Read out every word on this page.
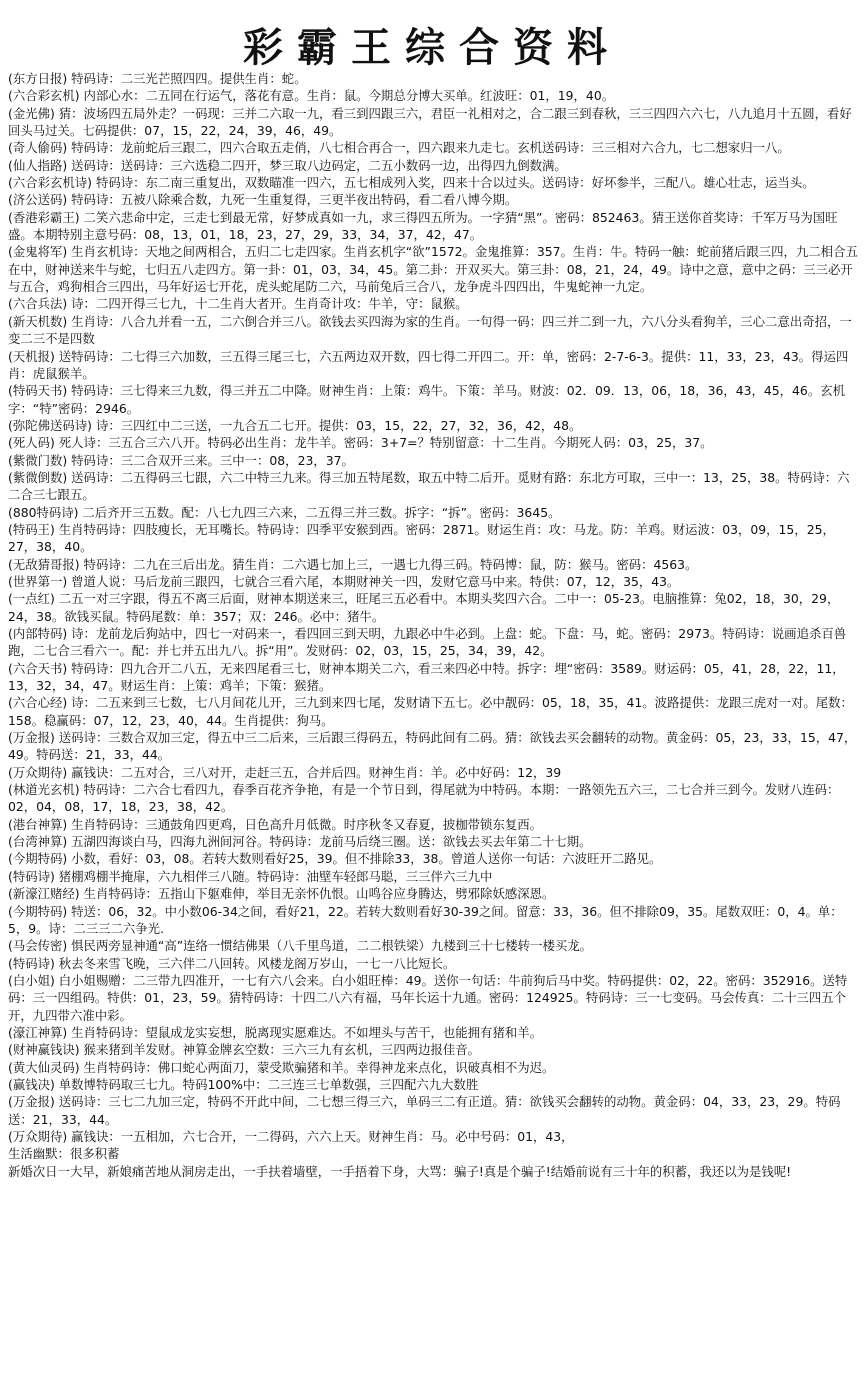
彩霸王综合资料

(东方日报) 特码诗：二三光芒照四四。提供生肖：蛇。

(六合彩玄机) 内部心水：二五同在行运气，落花有意。生肖：鼠。今期总分博大买单。红波旺：01，19，40。

(金光佛) 猜：波场四五局外走？一码现：三并二六取一九，看三到四跟三六，君臣一礼相对之，合二跟三到春秋，三三四四六六七，八九追月十五圆，看好回头马过关。七码提供：07，15，22，24，39，46，49。

(奇人偷码) 特码诗：龙前蛇后三跟二，四六合取五走俏，八七相合再合一，四六跟来九走七。玄机送码诗：三三相对六合九，七二想家归一八。

(仙人指路) 送码诗：送码诗：三六选稳二四开，梦三取八边码定，二五小数码一边，出得四九倒数满。

(六合彩玄机诗) 特码诗：东二南三重复出，双数瞄准一四六，五七相成列入奖，四来十合以过头。送码诗：好坏参半，三配八。雄心壮志，运当头。

(济公送码) 特码诗：五被八除乘合数，九死一生重复得，三更半夜出特码，看二看八博今期。

(香港彩霸王) 二笑六悲命中定，三走七到最无常，好梦成真如一九，求三得四五所为。一字猜“黑”。密码：852463。猜王送你首奖诗：千军万马为国旺盛。本期特别主意号码：08，13，01，18，23，27，29，33，34，37，42，47。

(金鬼将军) 生肖玄机诗：天地之间两相合，五归二七走四家。生肖玄机字“欲”1572。金鬼推算：357。生肖：牛。特码一触：蛇前猪后跟三四，九二相合五在中，财神送来牛与蛇，七归五八走四方。第一卦：01，03，34，45。第二卦：开双买大。第三卦：08，21，24，49。诗中之意，意中之码：三三必开与五合，鸡狗相合三四出，马年好运七开花，虎头蛇尾防二六，马前兔后三合八，龙争虎斗四四出，牛鬼蛇神一九定。

(六合兵法) 诗：二四开得三七九，十二生肖大者开。生肖奇计攻：牛羊，守：鼠猴。

(新天机数) 生肖诗：八合九并看一五，二六倒合并三八。欲钱去买四海为家的生肖。一句得一码：四三并二到一九，六八分头看狗羊，三心二意出奇招，一变二三不是四数

(天机报) 送特码诗：二七得三六加数，三五得三尾三七，六五两边双开数，四七得二开四二。开：单，密码：2-7-6-3。提供：11，33，23，43。得运四肖：虎鼠猴羊。

(特码天书) 特码诗：三七得来三九数，得三并五二中降。财神生肖：上策：鸡牛。下策：羊马。财波：02．09．13，06，18，36，43，45，46。玄机字：“特”密码：2946。

(弥陀佛送码诗) 诗：三四红中二三送，一九合五二七开。提供：03，15，22，27，32，36，42，48。

(死人码) 死人诗：三五合三六八开。特码必出生肖：龙牛羊。密码：3+7=？特别留意：十二生肖。今期死人码：03，25，37。

(紫微门数) 特码诗：三二合双开三来。三中一：08，23，37。

(紫微倒数) 送码诗：二五得码三七跟，六二中特三九来。得三加五特尾数，取五中特二后开。觅财有路：东北方可取，三中一：13，25，38。特码诗：六二合三七跟五。

(880特码诗) 二后齐开三五数。配：八七九四三六来，二五得三并三数。拆字：“拆”。密码：3645。

(特码王) 生肖特码诗：四肢瘦长，无耳嘴长。特码诗：四季平安猴到西。密码：2871。财运生肖：攻：马龙。防：羊鸡。财运波：03，09，15，25，27，38，40。

(无敌猜哥报) 特码诗：二九在三后出龙。猜生肖：二六遇七加上三，一遇七九得三码。特码博：鼠，防：猴马。密码：4563。

(世界第一) 曾道人说：马后龙前三跟四，七就合三看六尾，本期财神关一四，发财它意马中来。特供：07，12，35，43。

(一点红) 二五一对三字跟，得五不离三后面，财神本期送来三，旺尾三五必看中。本期头奖四六合。二中一：05-23。电脑推算：兔02，18，30，29，24，38。欲钱买鼠。特码尾数：单：357；双：246。必中：猪牛。

(内部特码) 诗：龙前龙后狗站中，四七一对码来一，看四回三到天明，九跟必中牛必到。上盘：蛇。下盘：马，蛇。密码：2973。特码诗：说画追杀百兽跑，二七合三看六一。配：并七并五出九八。拆“用”。发财码：02，03，15，25，34，39，42。

(六合天书) 特码诗：四九合开二八五，无来四尾看三七，财神本期关二六，看三来四必中特。拆字：埋“密码：3589。财运码：05，41，28，22，11，13，32，34，47。财运生肖：上策：鸡羊；下策：猴猪。

(六合心经) 诗：二五来到三七数，七八月间花儿开，三九到来四七尾，发财请下五七。必中靓码：05，18，35，41。波路提供：龙跟三虎对一对。尾数：158。稳赢码：07，12，23，40，44。生肖提供：狗马。

(万金报) 送码诗：三数合双加三定，得五中三二后来，三后跟三得码五，特码此间有二码。猜：欲钱去买会翻转的动物。黄金码：05，23，33，15，47，49。特码送：21，33，44。

(万众期待) 赢钱诀：二五对合，三八对开，走赶三五，合并后四。财神生肖：羊。必中好码：12，39

(林道光玄机) 特码诗：二六合七看四九，春季百花齐争艳，有是一个节日到，得尾就为中特码。本期：一路领先五六三，二七合并三到今。发财八连码：02，04，08，17，18，23，38，42。

(港台神算) 生肖特码诗：三通鼓角四更鸡，日色高升月低微。时序秋冬又春夏，披枷带锁东复西。

(台湾神算) 五湖四海谈白马，四海九洲间河谷。特码诗：龙前马后绕三圈。送：欲钱去买去年第二十七期。

(今期特码) 小数，看好：03，08。若转大数则看好25，39。但不排除33，38。曾道人送你一句话：六波旺开二路见。

(特码诗) 猪棚鸡棚半掩扉，六九相伴三八随。特码诗：油壁车轻郎马聪，三三伴六三九中

(新濠江赌经) 生肖特码诗：五指山下躯难伸，举目无亲怀仇恨。山鸣谷应身腾达，劈邪除妖感深恩。

(今期特码) 特送：06，32。中小数06-34之间，看好21，22。若转大数则看好30-39之间。留意：33，36。但不排除09，35。尾数双旺：0，4。单：5，9。诗：二三三二六争光.

(马会传密) 惧民两旁显神通“高”连络一惯结佛果（八千里鸟道，二二根铁梁）九楼到三十七楼转一楼买龙。

(特码诗) 秋去冬来雪飞晚，三六伴二八回转。风楼龙阁万岁山，一七一八比短长。

(白小姐) 白小姐赐赠：二三带九四准开，一七有六八会来。白小姐旺棒：49。送你一句话：牛前狗后马中奖。特码提供：02，22。密码：352916。送特码：三一四组码。特供：01，23，59。猜特码诗：十四二八六有福，马年长运十九通。密码：124925。特码诗：三一七变码。马会传真：二十三四五个开，九四带六准中彩。

(濠江神算) 生肖特码诗：望鼠成龙实妄想，脱离现实愿难达。不如埋头与苦干，也能拥有猪和羊。

(财神赢钱诀) 猴来猪到羊发财。神算金牌玄空数：三六三九有玄机，三四两边报佳音。

(黄大仙灵码) 生肖特码诗：佛口蛇心两面刀，蒙受欺骗猪和羊。幸得神龙来点化，识破真相不为迟。

(赢钱决) 单数博特码取三七九。特码100%中：二三连三七单数强，三四配六九大数胜

(万金报) 送码诗：三七二九加三定，特码不开此中间，二七想三得三六，单码三二有正道。猜：欲钱买会翻转的动物。黄金码：04，33，23，29。特码送：21，33，44。

(万众期待) 赢钱诀：一五相加，六七合开，一二得码，六六上天。财神生肖：马。必中号码：01，43，

生活幽默：很多积蓄

新婚次日一大早，新娘痛苦地从洞房走出，一手扶着墙壁，一手捂着下身，大骂：骗子!真是个骗子!结婚前说有三十年的积蓄，我还以为是钱呢!
